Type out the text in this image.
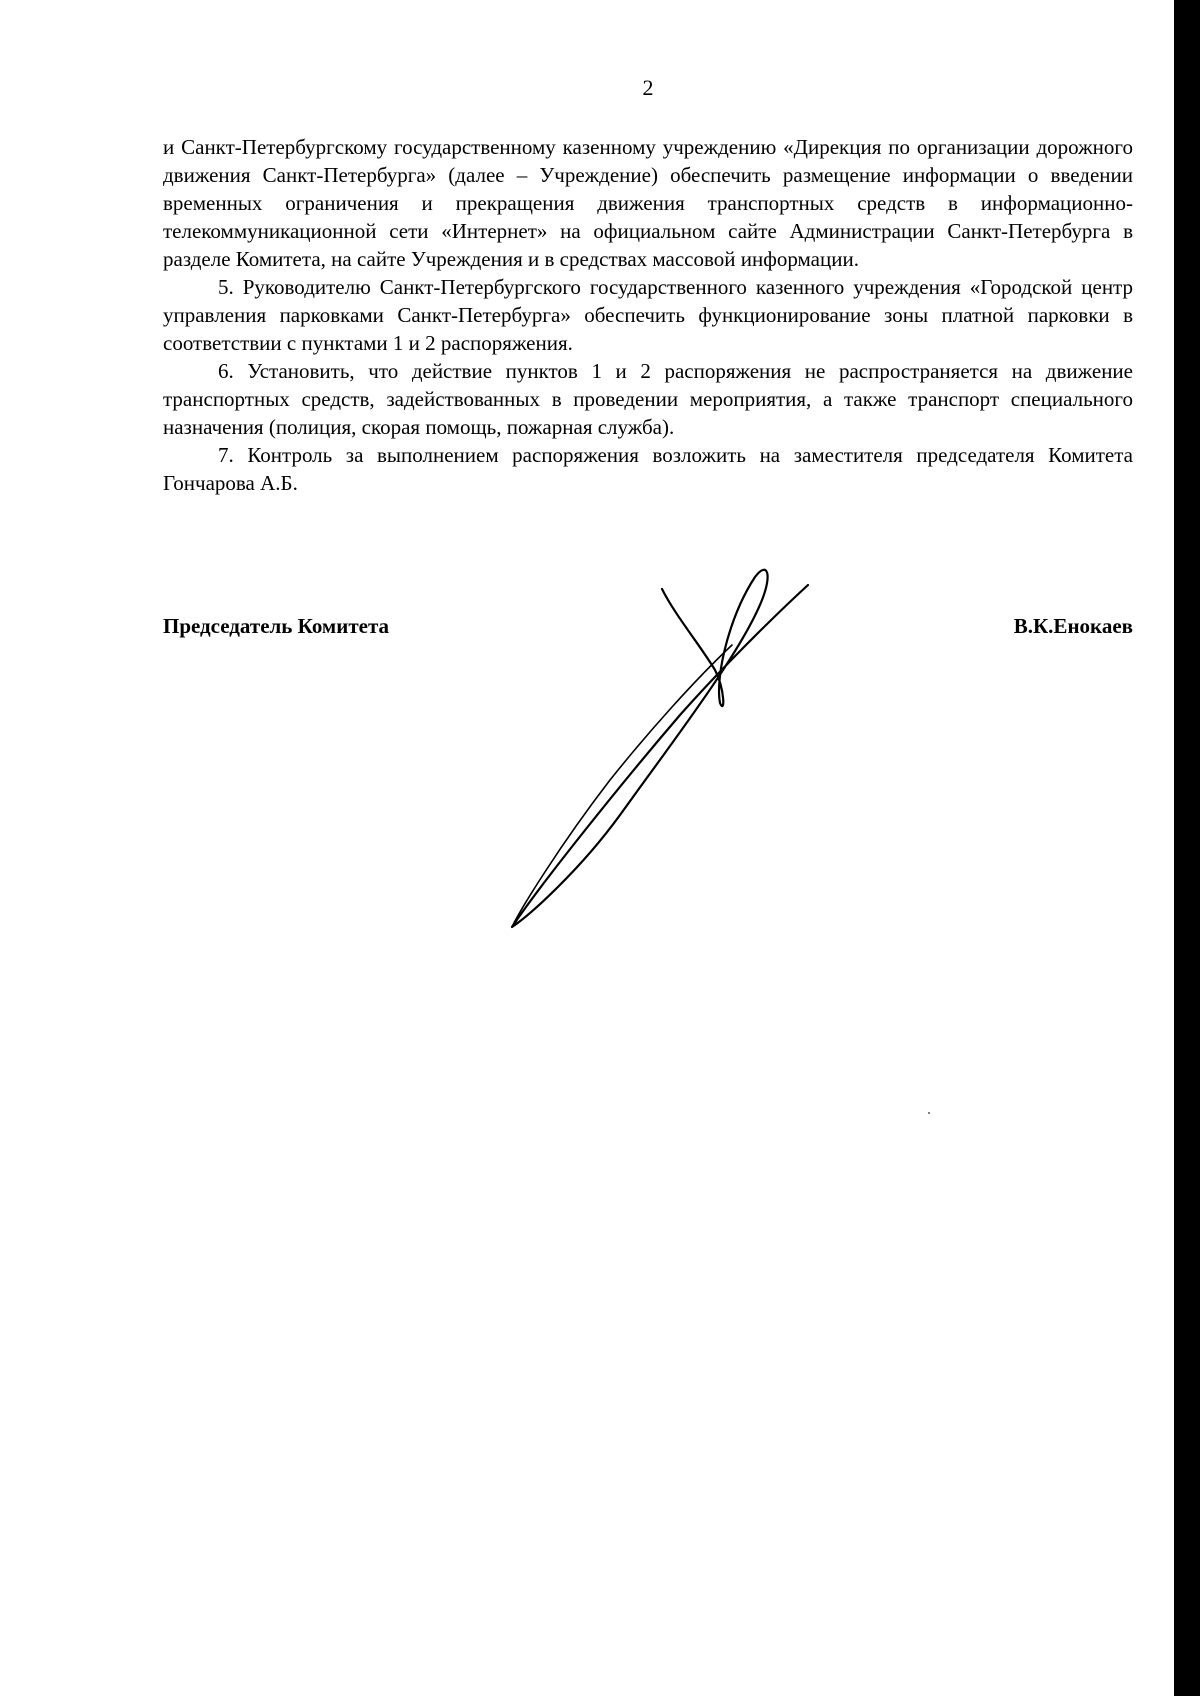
2

и Санкт-Петербургскому государственному казенному учреждению «Дирекция по организации дорожного движения Санкт-Петербурга» (далее – Учреждение) обеспечить размещение информации о введении временных ограничения и прекращения движения транспортных средств в информационно-телекоммуникационной сети «Интернет» на официальном сайте Администрации Санкт-Петербурга в разделе Комитета, на сайте Учреждения и в средствах массовой информации.

5. Руководителю Санкт-Петербургского государственного казенного учреждения «Городской центр управления парковками Санкт-Петербурга» обеспечить функционирование зоны платной парковки в соответствии с пунктами 1 и 2 распоряжения.

6. Установить, что действие пунктов 1 и 2 распоряжения не распространяется на движение транспортных средств, задействованных в проведении мероприятия, а также транспорт специального назначения (полиция, скорая помощь, пожарная служба).

7. Контроль за выполнением распоряжения возложить на заместителя председателя Комитета Гончарова А.Б.

Председатель Комитета	В.К.Енокаев
